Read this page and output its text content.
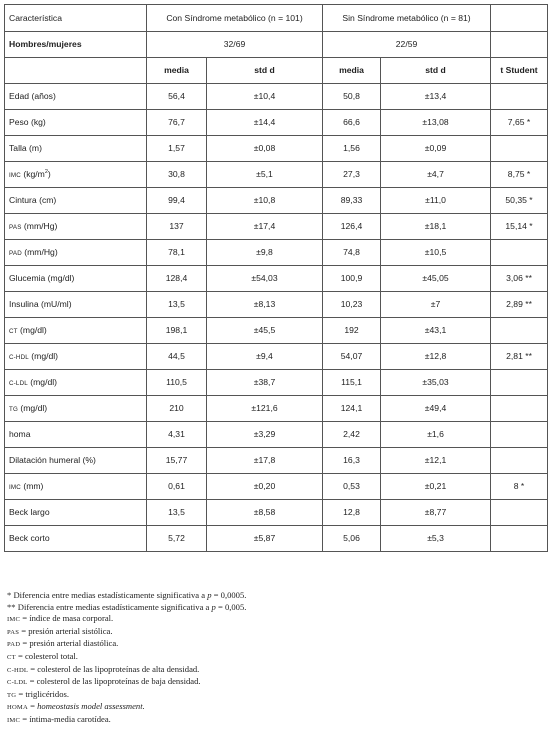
Característica	Con Síndrome metabólico (n = 101)		Sin Síndrome metabólico (n = 81)		
Hombres/mujeres	32/69		22/59		
	media	std d	media	std d	t Student
Edad (años)	56,4	±10,4	50,8	±13,4	
Peso (kg)	76,7	±14,4	66,6	±13,08	7,65 *
Talla (m)	1,57	±0,08	1,56	±0,09	
IMC $(kg/m^2)$	30,8	±5,1	27,3	±4,7	8,75 *
Cintura (cm)	99,4	±10,8	89,33	±11,0	50,35 *
PAS (mm/Hg)	137	±17,4	126,4	±18,1	15,14 *
PAD (mm/Hg)	78,1	±9,8	74,8	±10,5	
Glucemia (mg/dl)	128,4	±54,03	100,9	±45,05	3,06 **
Insulina (mU/ml)	13,5	±8,13	10,23	±7	2,89 **
CT (mg/dl)	198,1	±45,5	192	±43,1	
C-HDL (mg/dl)	44,5	±9,4	54,07	±12,8	2,81 **
C-LDL (mg/dl)	110,5	±38,7	115,1	±35,03	
TG (mg/dl)	210	±121,6	124,1	±49,4	
homa	4,31	±3,29	2,42	±1,6	
Dilatación humeral (%)	15,77	±17,8	16,3	±12,1	
IMC (mm)	0,61	±0,20	0,53	±0,21	8 *
Beck largo	13,5	±8,58	12,8	±8,77	
Beck corto	5,72	±5,87	5,06	±5,3	
* Diferencia entre medias estadísticamente significativa a p = 0,0005.
** Diferencia entre medias estadísticamente significativa a p = 0,005.
IMC = índice de masa corporal.
PAS = presión arterial sistólica.
PAD = presión arterial diastólica.
CT = colesterol total.
C-HDL = colesterol de las lipoproteínas de alta densidad.
C-LDL = colesterol de las lipoproteínas de baja densidad.
TG = triglicéridos.
HOMA = homeostasis model assessment.
IMC = íntima-media carotídea.
